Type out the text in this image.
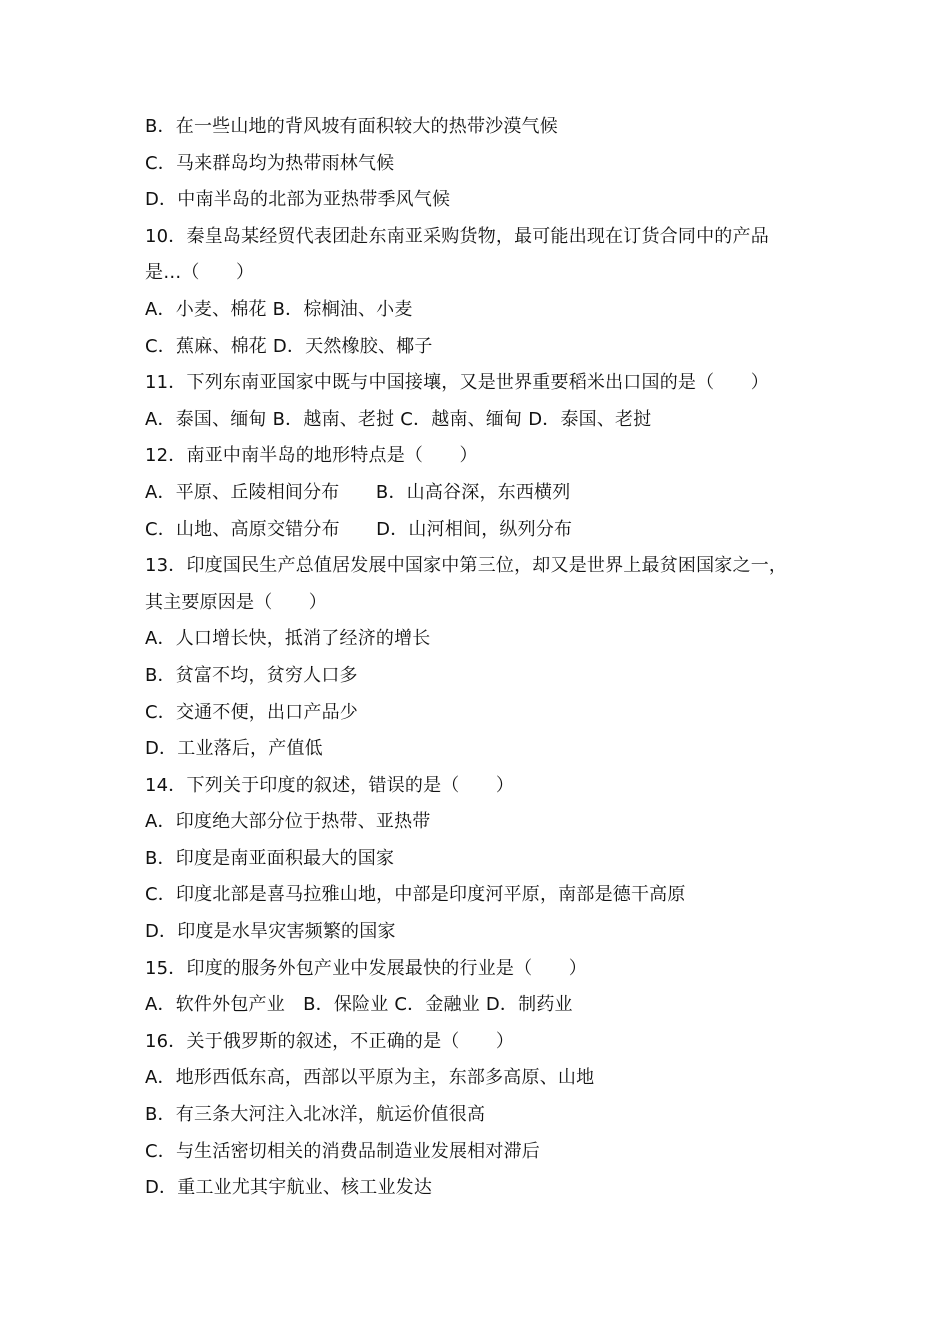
B．在一些山地的背风坡有面积较大的热带沙漠气候
C．马来群岛均为热带雨林气候
D．中南半岛的北部为亚热带季风气候
10．秦皇岛某经贸代表团赴东南亚采购货物，最可能出现在订货合同中的产品
是…（　　）
A．小麦、棉花 B．棕榈油、小麦
C．蕉麻、棉花 D．天然橡胶、椰子
11．下列东南亚国家中既与中国接壤，又是世界重要稻米出口国的是（　　）
A．泰国、缅甸 B．越南、老挝 C．越南、缅甸 D．泰国、老挝
12．南亚中南半岛的地形特点是（　　）
A．平原、丘陵相间分布　　B．山高谷深，东西横列
C．山地、高原交错分布　　D．山河相间，纵列分布
13．印度国民生产总值居发展中国家中第三位，却又是世界上最贫困国家之一，
其主要原因是（　　）
A．人口增长快，抵消了经济的增长
B．贫富不均，贫穷人口多
C．交通不便，出口产品少
D．工业落后，产值低
14．下列关于印度的叙述，错误的是（　　）
A．印度绝大部分位于热带、亚热带
B．印度是南亚面积最大的国家
C．印度北部是喜马拉雅山地，中部是印度河平原，南部是德干高原
D．印度是水旱灾害频繁的国家
15．印度的服务外包产业中发展最快的行业是（　　）
A．软件外包产业　B．保险业 C．金融业 D．制药业
16．关于俄罗斯的叙述，不正确的是（　　）
A．地形西低东高，西部以平原为主，东部多高原、山地
B．有三条大河注入北冰洋，航运价值很高
C．与生活密切相关的消费品制造业发展相对滞后
D．重工业尤其宇航业、核工业发达
